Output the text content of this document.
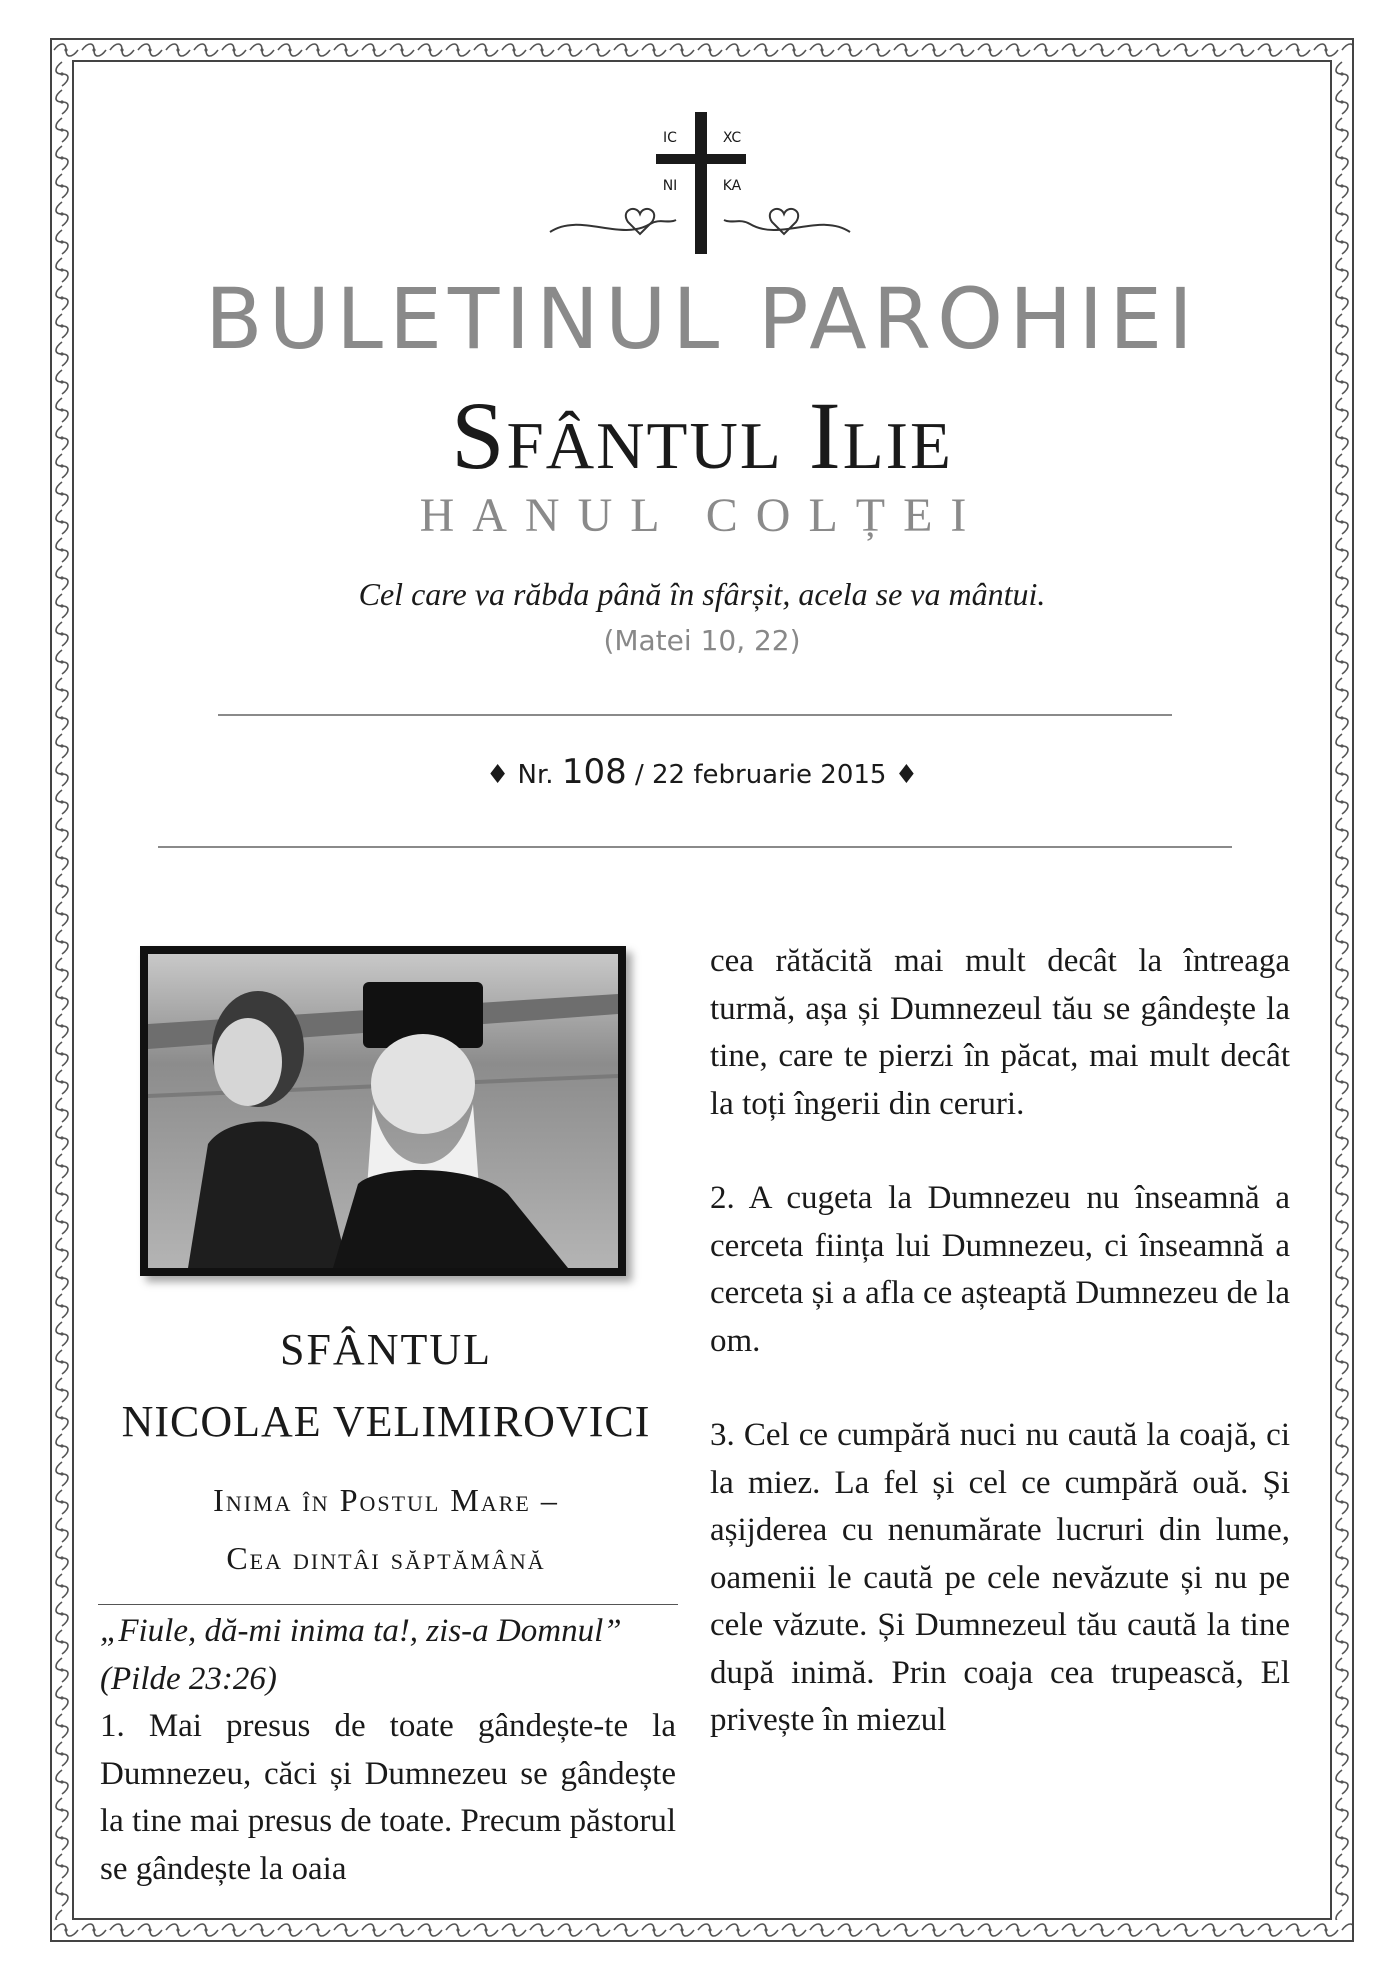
IC	XC
NI	KA
BULETINUL PAROHIEI
Sfântul Ilie
HANUL COLȚEI
Cel care va răbda până în sfârșit, acela se va mântui.
(Matei 10, 22)
♦ Nr. 108 / 22 februarie 2015 ♦
SFÂNTUL
NICOLAE VELIMIROVICI
Inima în Postul Mare –
Cea dintâi săptămână

„Fiule, dă-mi inima ta!, zis-a Domnul” (Pilde 23:26)

1. Mai presus de toate gândește-te la Dumnezeu, căci și Dumnezeu se gândește la tine mai presus de toate. Precum păstorul se gândește la oaia

cea rătăcită mai mult decât la întreaga turmă, așa și Dumnezeul tău se gândește la tine, care te pierzi în păcat, mai mult decât la toți îngerii din ceruri.

2. A cugeta la Dumnezeu nu înseamnă a cerceta ființa lui Dumnezeu, ci înseamnă a cerceta și a afla ce așteaptă Dumnezeu de la om.

3. Cel ce cumpără nuci nu caută la coajă, ci la miez. La fel și cel ce cumpără ouă. Și așijderea cu nenumărate lucruri din lume, oamenii le caută pe cele nevăzute și nu pe cele văzute. Și Dumnezeul tău caută la tine după inimă. Prin coaja cea trupească, El privește în miezul
